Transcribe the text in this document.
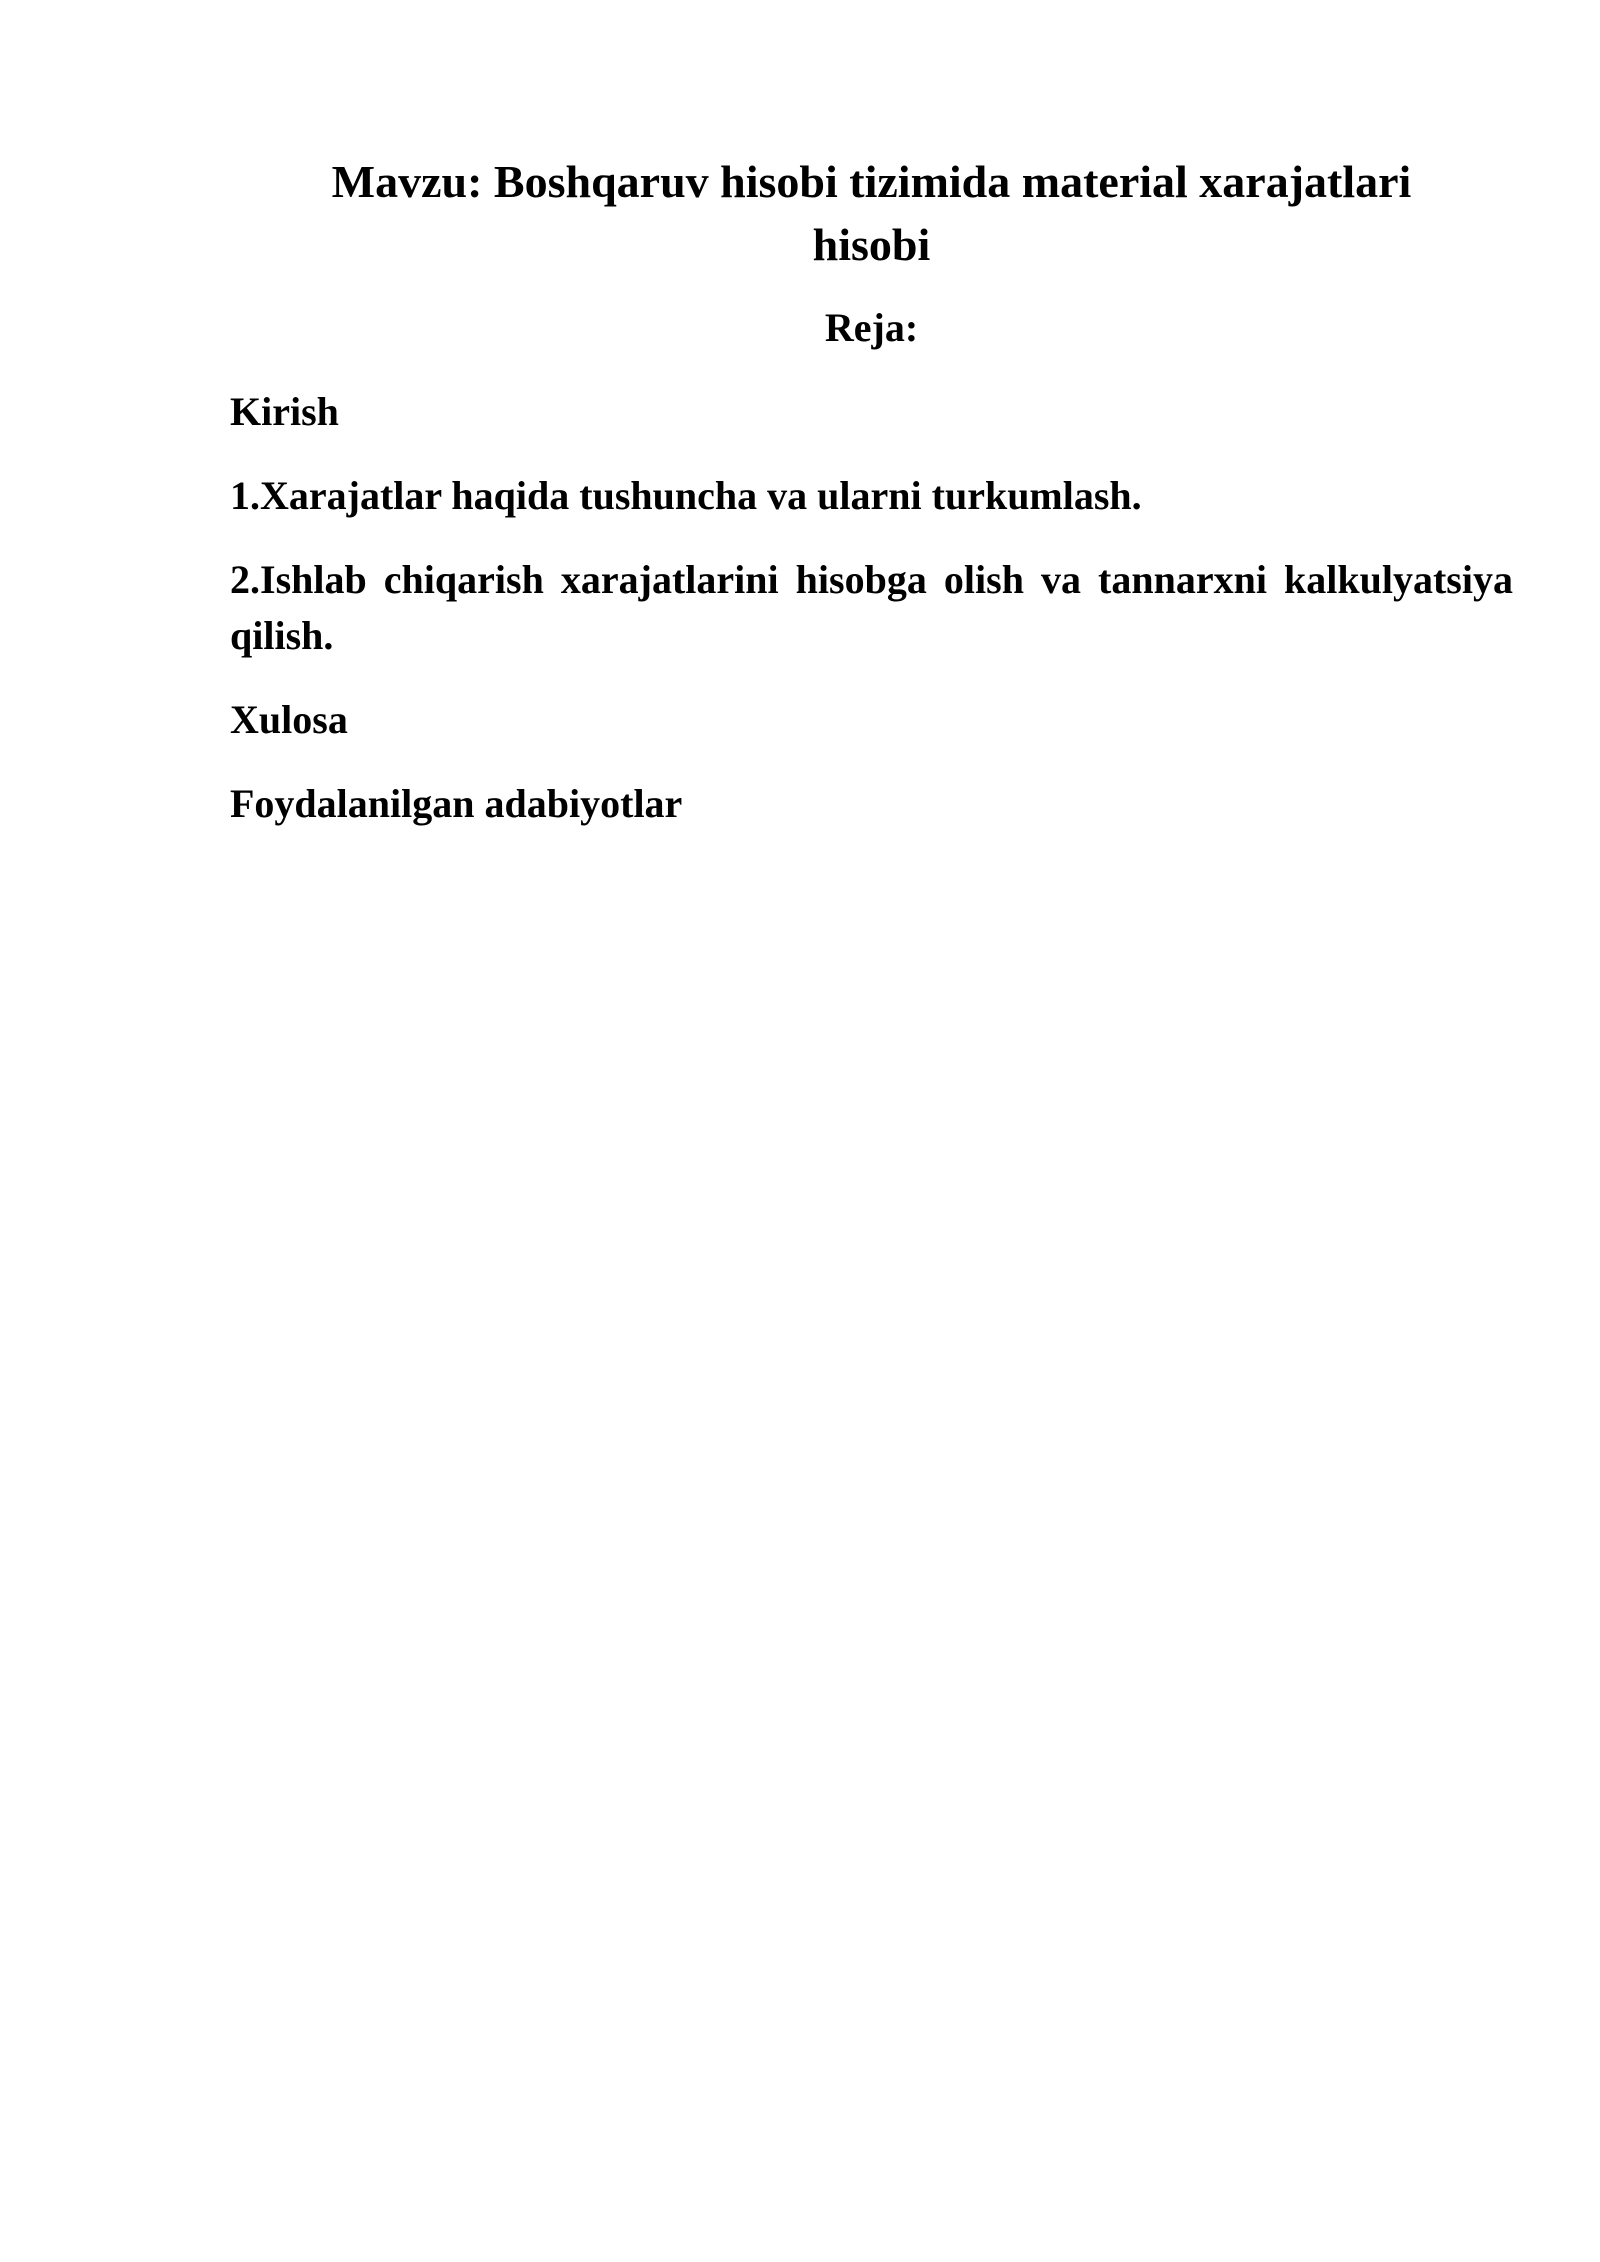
Mavzu: Boshqaruv hisobi tizimida material xarajatlari hisobi

Reja:

Kirish

1.Xarajatlar haqida tushuncha va ularni turkumlash.

2.Ishlab chiqarish xarajatlarini hisobga olish va tannarxni kalkulyatsiya qilish.

Xulosa

Foydalanilgan adabiyotlar
